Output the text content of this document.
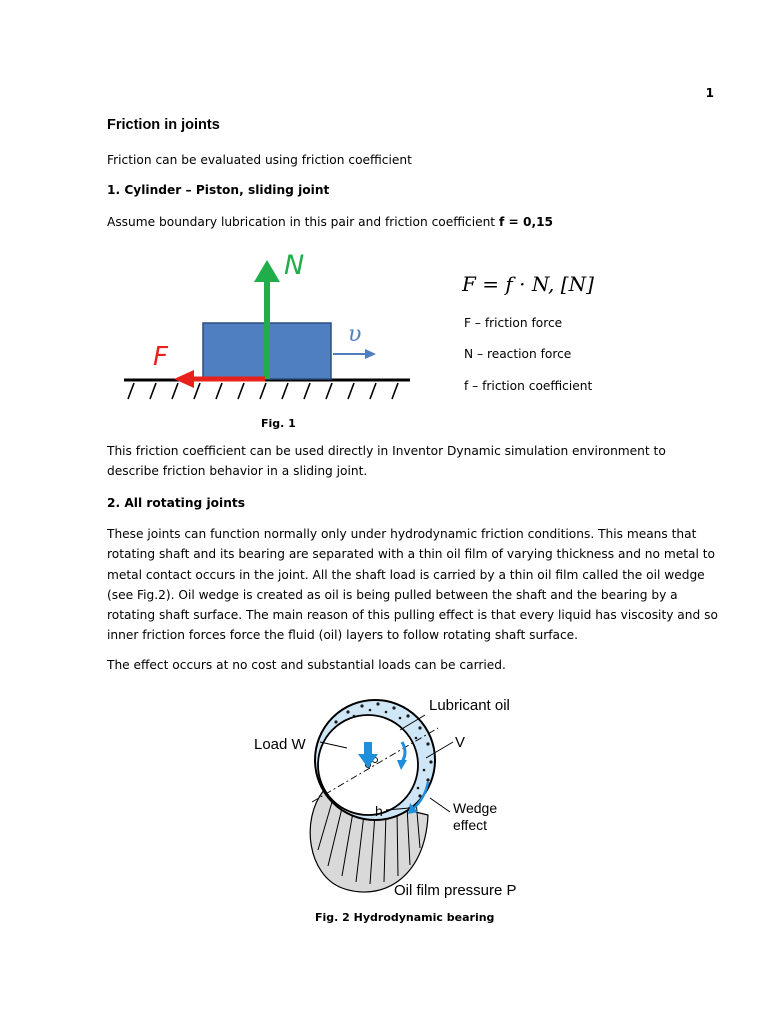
1
Friction in joints
Friction can be evaluated using friction coefficient
1. Cylinder – Piston, sliding joint
Assume boundary lubrication in this pair and friction coefficient f = 0,15
N
F
υ
F = f · N, [N]
F – friction force
N – reaction force
f – friction coefficient
Fig. 1
This friction coefficient can be used directly in Inventor Dynamic simulation environment to
describe friction behavior in a sliding joint.
2. All rotating joints
These joints can function normally only under hydrodynamic friction conditions. This means that
rotating shaft and its bearing are separated with a thin oil film of varying thickness and no metal to
metal contact occurs in the joint. All the shaft load is carried by a thin oil film called the oil wedge
(see Fig.2). Oil wedge is created as oil is being pulled between the shaft and the bearing by a
rotating shaft surface. The main reason of this pulling effect is that every liquid has viscosity and so
inner friction forces force the fluid (oil) layers to follow rotating shaft surface.
The effect occurs at no cost and substantial loads can be carried.
Lubricant oil
Load W	V
h	Wedge
effect
Oil film pressure P
Fig. 2 Hydrodynamic bearing
